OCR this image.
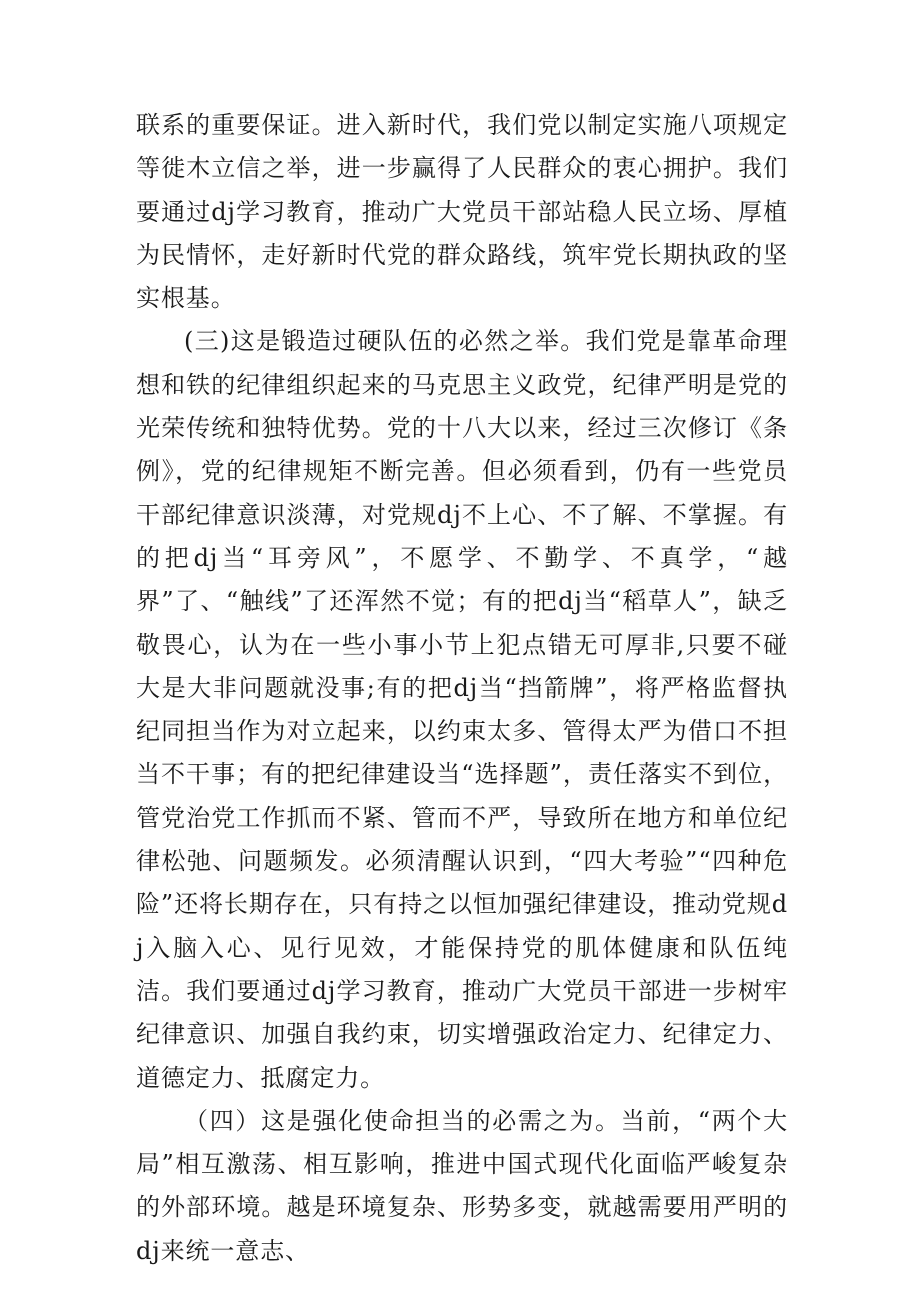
联系的重要保证。进入新时代，我们党以制定实施八项规定等徙木立信之举，进一步赢得了人民群众的衷心拥护。我们要通过dj学习教育，推动广大党员干部站稳人民立场、厚植为民情怀，走好新时代党的群众路线，筑牢党长期执政的坚实根基。

(三)这是锻造过硬队伍的必然之举。我们党是靠革命理想和铁的纪律组织起来的马克思主义政党，纪律严明是党的光荣传统和独特优势。党的十八大以来，经过三次修订《条例》，党的纪律规矩不断完善。但必须看到，仍有一些党员干部纪律意识淡薄，对党规dj不上心、不了解、不掌握。有的把dj当“耳旁风”，不愿学、不勤学、不真学，“越界”了、“触线”了还浑然不觉；有的把dj当“稻草人”，缺乏敬畏心，认为在一些小事小节上犯点错无可厚非,只要不碰大是大非问题就没事;有的把dj当“挡箭牌”，将严格监督执纪同担当作为对立起来，以约束太多、管得太严为借口不担当不干事；有的把纪律建设当“选择题”，责任落实不到位，管党治党工作抓而不紧、管而不严，导致所在地方和单位纪律松弛、问题频发。必须清醒认识到，“四大考验”“四种危险”还将长期存在，只有持之以恒加强纪律建设，推动党规dj入脑入心、见行见效，才能保持党的肌体健康和队伍纯洁。我们要通过dj学习教育，推动广大党员干部进一步树牢纪律意识、加强自我约束，切实增强政治定力、纪律定力、道德定力、抵腐定力。

（四）这是强化使命担当的必需之为。当前，“两个大局”相互激荡、相互影响，推进中国式现代化面临严峻复杂的外部环境。越是环境复杂、形势多变，就越需要用严明的dj来统一意志、
